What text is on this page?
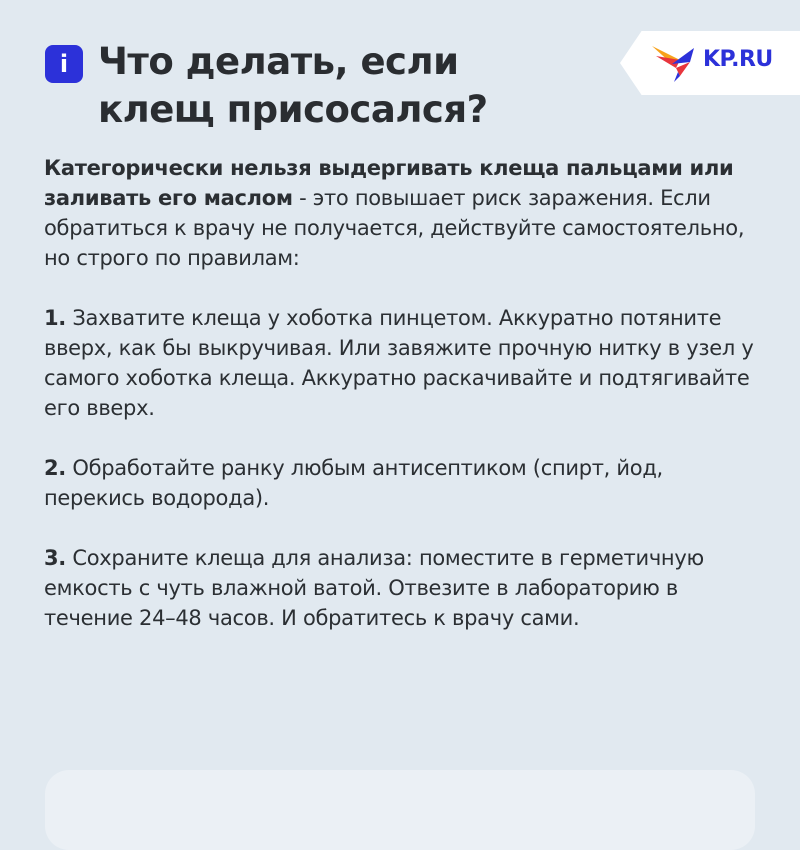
i Что делать, если клещ присосался?
KP.RU

Категорически нельзя выдергивать клеща пальцами или заливать его маслом - это повышает риск заражения. Если обратиться к врачу не получается, действуйте самостоятельно, но строго по правилам:

1. Захватите клеща у хоботка пинцетом. Аккуратно потяните вверх, как бы выкручивая. Или завяжите прочную нитку в узел у самого хоботка клеща. Аккуратно раскачивайте и подтягивайте его вверх.

2. Обработайте ранку любым антисептиком (спирт, йод, перекись водорода).

3. Сохраните клеща для анализа: поместите в герметичную емкость с чуть влажной ватой. Отвезите в лабораторию в течение 24–48 часов. И обратитесь к врачу сами.
